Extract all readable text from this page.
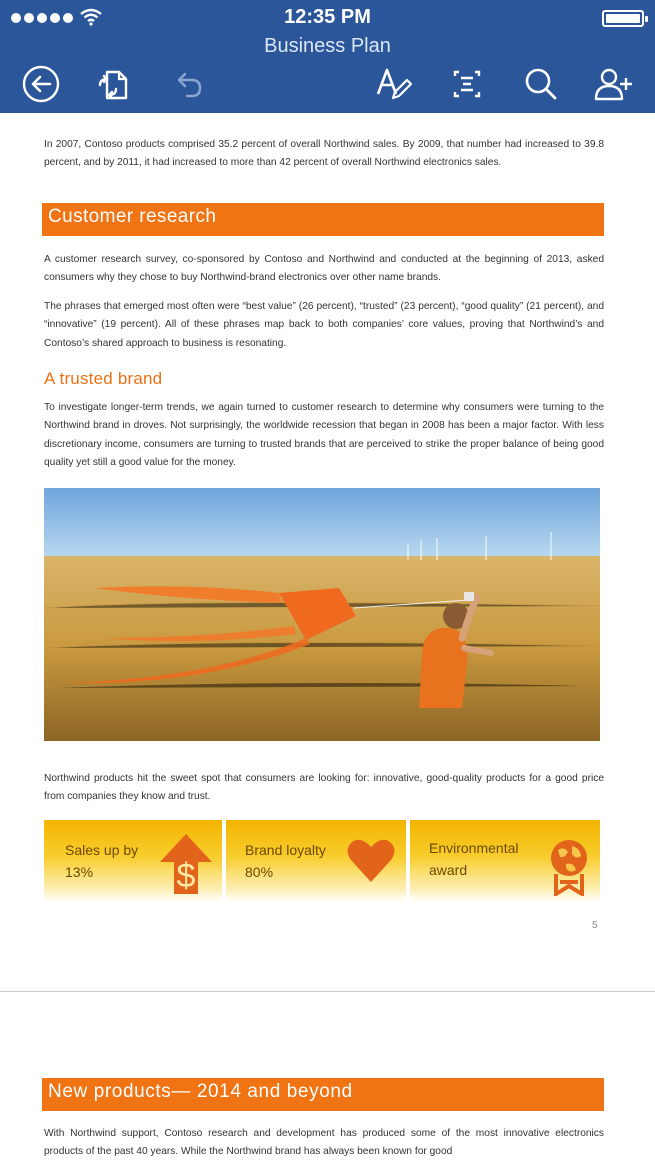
12:35 PM
Business Plan

In 2007, Contoso products comprised 35.2 percent of overall Northwind sales. By 2009, that number had increased to 39.8 percent, and by 2011, it had increased to more than 42 percent of overall Northwind electronics sales.

Customer research

A customer research survey, co-sponsored by Contoso and Northwind and conducted at the beginning of 2013, asked consumers why they chose to buy Northwind-brand electronics over other name brands.

The phrases that emerged most often were “best value” (26 percent), “trusted” (23 percent), “good quality” (21 percent), and “innovative” (19 percent). All of these phrases map back to both companies’ core values, proving that Northwind’s and Contoso’s shared approach to business is resonating.

A trusted brand

To investigate longer-term trends, we again turned to customer research to determine why consumers were turning to the Northwind brand in droves. Not surprisingly, the worldwide recession that began in 2008 has been a major factor. With less discretionary income, consumers are turning to trusted brands that are perceived to strike the proper balance of being good quality yet still a good value for the money.

Northwind products hit the sweet spot that consumers are looking for: innovative, good-quality products for a good price from companies they know and trust.

Sales up by
13%	$
Brand loyalty
80%
Environmental
award
5
New products— 2014 and beyond

With Northwind support, Contoso research and development has produced some of the most innovative electronics products of the past 40 years. While the Northwind brand has always been known for good
